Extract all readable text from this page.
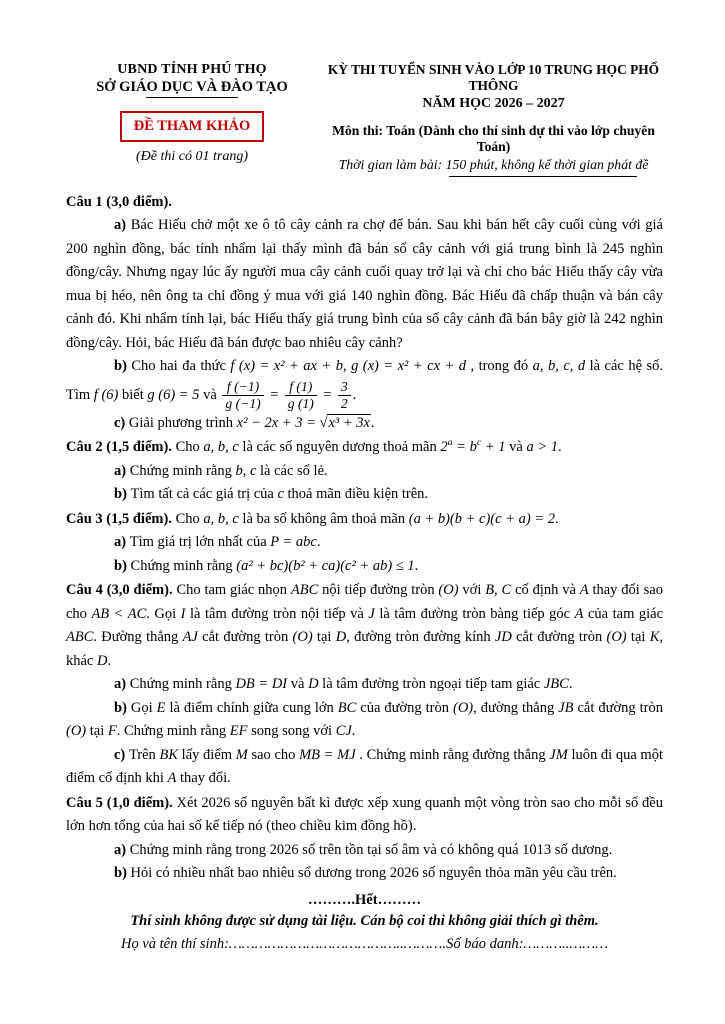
UBND TỈNH PHÚ THỌ
SỞ GIÁO DỤC VÀ ĐÀO TẠO
ĐỀ THAM KHẢO
(Đề thi có 01 trang)
KỲ THI TUYỂN SINH VÀO LỚP 10 TRUNG HỌC PHỔ THÔNG
NĂM HỌC 2026 – 2027
Môn thi: Toán (Dành cho thí sinh dự thi vào lớp chuyên Toán)
Thời gian làm bài: 150 phút, không kể thời gian phát đề
Câu 1 (3,0 điểm).
a) Bác Hiếu chở một xe ô tô cây cảnh ra chợ để bán. Sau khi bán hết cây cuối cùng với giá 200 nghìn đồng, bác tính nhẩm lại thấy mình đã bán số cây cảnh với giá trung bình là 245 nghìn đồng/cây. Nhưng ngay lúc ấy người mua cây cảnh cuối quay trở lại và chỉ cho bác Hiếu thấy cây vừa mua bị héo, nên ông ta chỉ đồng ý mua với giá 140 nghìn đồng. Bác Hiếu đã chấp thuận và bán cây cảnh đó. Khi nhẩm tính lại, bác Hiếu thấy giá trung bình của số cây cảnh đã bán bây giờ là 242 nghìn đồng/cây. Hỏi, bác Hiếu đã bán được bao nhiêu cây cảnh?
b) Cho hai đa thức f (x) = x² + ax + b, g (x) = x² + cx + d , trong đó a, b, c, d là các hệ số. Tìm f (6) biết g (6) = 5 và $\frac{f (-1)}{g (-1)} = \frac{f (1)}{g (1)} = \frac{3}{2}$ .
c) Giải phương trình x² − 2x + 3 = √x³ + 3x.
Câu 2 (1,5 điểm). Cho a, b, c là các số nguyên dương thoả mãn $2^a = b^c + 1$ và a > 1.
a) Chứng minh rằng b, c là các số lẻ.
b) Tìm tất cả các giá trị của c thoả mãn điều kiện trên.
Câu 3 (1,5 điểm). Cho a, b, c là ba số không âm thoả mãn (a + b)(b + c)(c + a) = 2.
a) Tìm giá trị lớn nhất của P = abc.
b) Chứng minh rằng (a² + bc)(b² + ca)(c² + ab) ≤ 1.
Câu 4 (3,0 điểm). Cho tam giác nhọn ABC nội tiếp đường tròn (O) với B, C cố định và A thay đổi sao cho AB < AC. Gọi I là tâm đường tròn nội tiếp và J là tâm đường tròn bàng tiếp góc A của tam giác ABC. Đường thẳng AJ cắt đường tròn (O) tại D, đường tròn đường kính JD cắt đường tròn (O) tại K, khác D.
a) Chứng minh rằng DB = DI và D là tâm đường tròn ngoại tiếp tam giác JBC.
b) Gọi E là điểm chính giữa cung lớn BC của đường tròn (O), đường thẳng JB cắt đường tròn (O) tại F. Chứng minh rằng EF song song với CJ.
c) Trên BK lấy điểm M sao cho MB = MJ . Chứng minh rằng đường thẳng JM luôn đi qua một điểm cố định khi A thay đổi.
Câu 5 (1,0 điểm). Xét 2026 số nguyên bất kì được xếp xung quanh một vòng tròn sao cho mỗi số đều lớn hơn tổng của hai số kế tiếp nó (theo chiều kim đồng hồ).
a) Chứng minh rằng trong 2026 số trên tồn tại số âm và có không quá 1013 số dương.
b) Hỏi có nhiều nhất bao nhiêu số dương trong 2026 số nguyên thỏa mãn yêu cầu trên.
……….Hết………
Thí sinh không được sử dụng tài liệu. Cán bộ coi thi không giải thích gì thêm.
Họ và tên thí sinh:…………………………………..……….Số báo danh:………..………
